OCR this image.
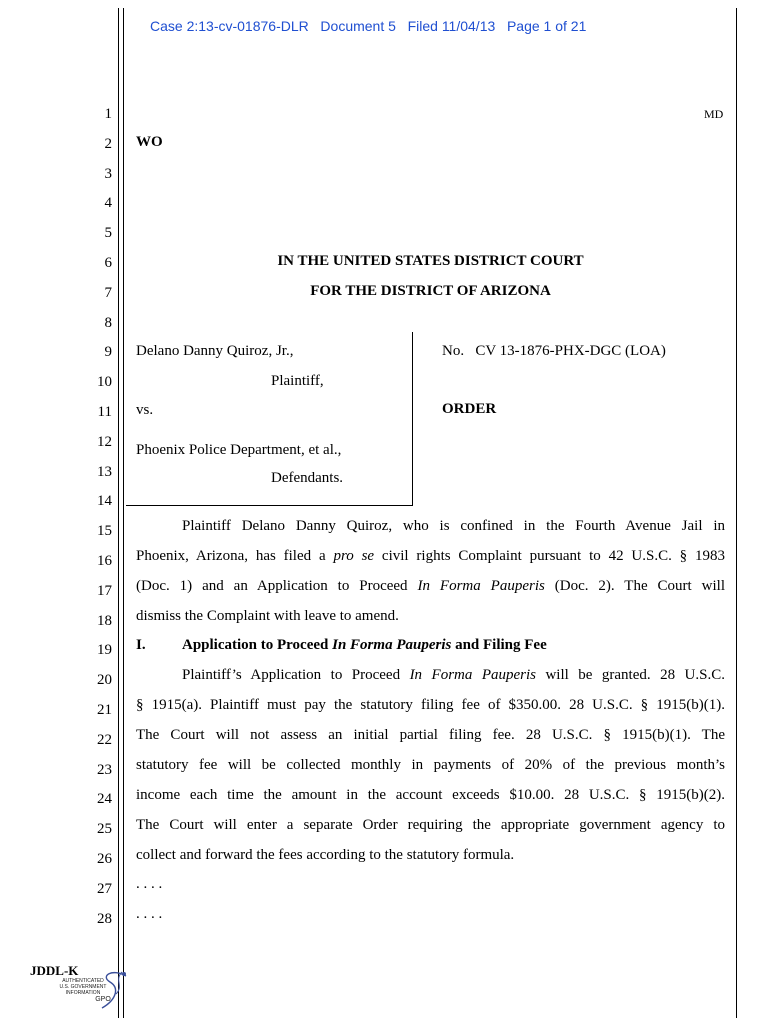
Case 2:13-cv-01876-DLR Document 5 Filed 11/04/13 Page 1 of 21
1
2
3
4
5
6
7
8
9
10
11
12
13
14
15
16
17
18
19
20
21
22
23
24
25
26
27
28
MD
WO
IN THE UNITED STATES DISTRICT COURT
FOR THE DISTRICT OF ARIZONA
Delano Danny Quiroz, Jr.,
Plaintiff,
vs.
Phoenix Police Department, et al.,
Defendants.
No.   CV 13-1876-PHX-DGC (LOA)
ORDER
Plaintiff Delano Danny Quiroz, who is confined in the Fourth Avenue Jail in
Phoenix, Arizona, has filed a pro se civil rights Complaint pursuant to 42 U.S.C. § 1983
(Doc. 1) and an Application to Proceed In Forma Pauperis (Doc. 2). The Court will
dismiss the Complaint with leave to amend.
I. Application to Proceed In Forma Pauperis and Filing Fee
Plaintiff’s Application to Proceed In Forma Pauperis will be granted. 28 U.S.C.
§ 1915(a). Plaintiff must pay the statutory filing fee of $350.00. 28 U.S.C. § 1915(b)(1).
The Court will not assess an initial partial filing fee. 28 U.S.C. § 1915(b)(1). The
statutory fee will be collected monthly in payments of 20% of the previous month’s
income each time the amount in the account exceeds $10.00. 28 U.S.C. § 1915(b)(2).
The Court will enter a separate Order requiring the appropriate government agency to
collect and forward the fees according to the statutory formula.
. . . .
. . . .
JDDL-K
AUTHENTICATED
U.S. GOVERNMENT
INFORMATION
GPO
